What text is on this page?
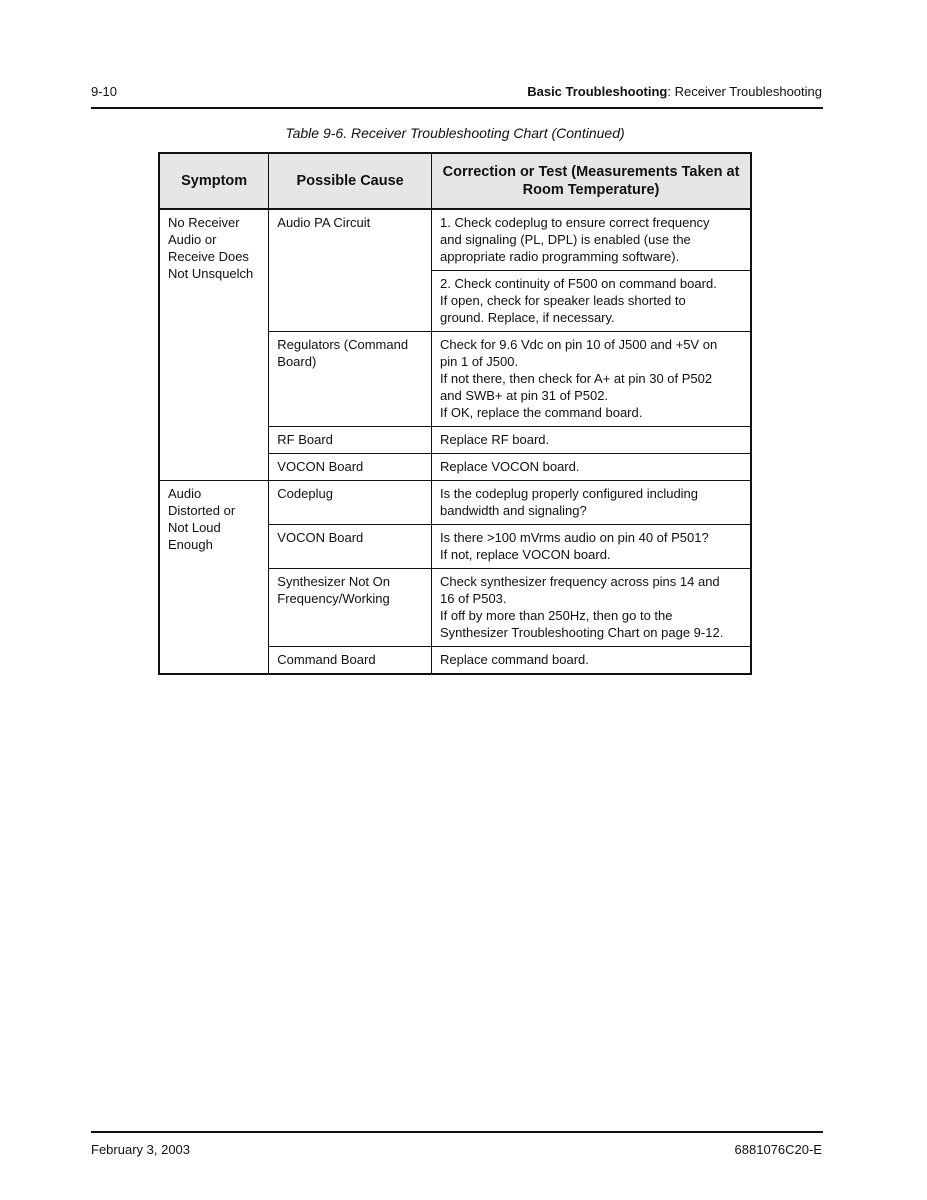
9-10	Basic Troubleshooting: Receiver Troubleshooting
Table 9-6. Receiver Troubleshooting Chart (Continued)
Symptom	Possible Cause	Correction or Test (Measurements Taken at Room Temperature)

No Receiver
Audio or
Receive Does
Not Unsquelch	Audio PA Circuit	1. Check codeplug to ensure correct frequency
and signaling (PL, DPL) is enabled (use the
appropriate radio programming software).

		2. Check continuity of F500 on command board.
If open, check for speaker leads shorted to
ground. Replace, if necessary.

	Regulators (Command
Board)	Check for 9.6 Vdc on pin 10 of J500 and +5V on
pin 1 of J500.
If not there, then check for A+ at pin 30 of P502
and SWB+ at pin 31 of P502.
If OK, replace the command board.

	RF Board	Replace RF board.

	VOCON Board	Replace VOCON board.

Audio
Distorted or
Not Loud
Enough	Codeplug	Is the codeplug properly configured including
bandwidth and signaling?

	VOCON Board	Is there >100 mVrms audio on pin 40 of P501?
If not, replace VOCON board.

	Synthesizer Not On
Frequency/Working	Check synthesizer frequency across pins 14 and
16 of P503.
If off by more than 250Hz, then go to the
Synthesizer Troubleshooting Chart on page 9-12.

	Command Board	Replace command board.
February 3, 2003	6881076C20-E
